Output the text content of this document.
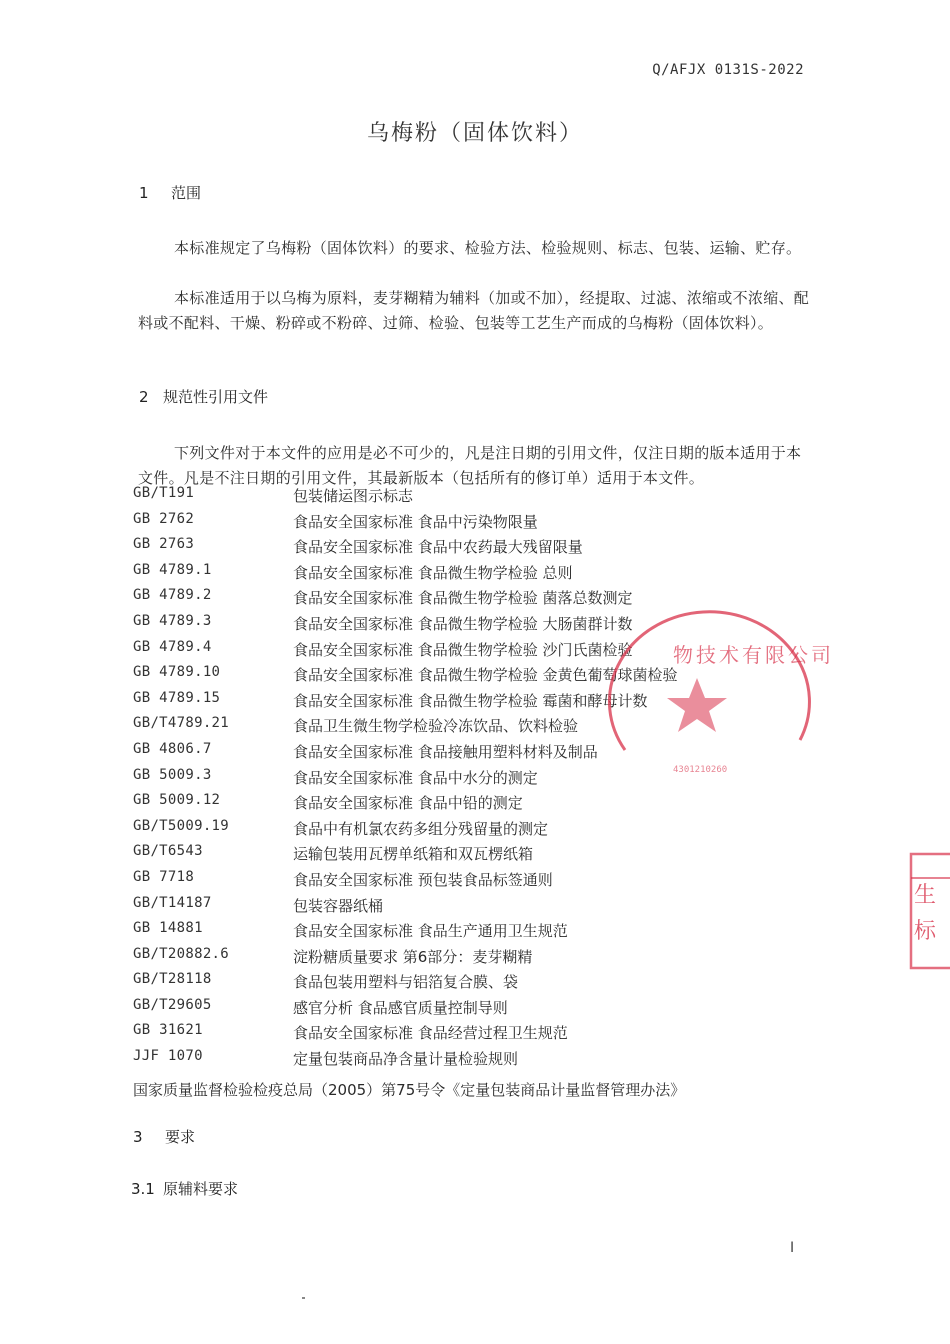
Q/AFJX 0131S-2022
乌梅粉（固体饮料）
1 范围
本标准规定了乌梅粉（固体饮料）的要求、检验方法、检验规则、标志、包装、运输、贮存。
本标准适用于以乌梅为原料，麦芽糊精为辅料（加或不加），经提取、过滤、浓缩或不浓缩、配料或不配料、干燥、粉碎或不粉碎、过筛、检验、包装等工艺生产而成的乌梅粉（固体饮料）。
2 规范性引用文件
下列文件对于本文件的应用是必不可少的，凡是注日期的引用文件，仅注日期的版本适用于本文件。凡是不注日期的引用文件，其最新版本（包括所有的修订单）适用于本文件。
GB/T191	包装储运图示标志
GB 2762	食品安全国家标准 食品中污染物限量
GB 2763	食品安全国家标准 食品中农药最大残留限量
GB 4789.1	食品安全国家标准 食品微生物学检验 总则
GB 4789.2	食品安全国家标准 食品微生物学检验 菌落总数测定
GB 4789.3	食品安全国家标准 食品微生物学检验 大肠菌群计数
GB 4789.4	食品安全国家标准 食品微生物学检验 沙门氏菌检验
GB 4789.10	食品安全国家标准 食品微生物学检验 金黄色葡萄球菌检验
GB 4789.15	食品安全国家标准 食品微生物学检验 霉菌和酵母计数
GB/T4789.21	食品卫生微生物学检验冷冻饮品、饮料检验
GB 4806.7	食品安全国家标准 食品接触用塑料材料及制品
GB 5009.3	食品安全国家标准 食品中水分的测定
GB 5009.12	食品安全国家标准 食品中铅的测定
GB/T5009.19	食品中有机氯农药多组分残留量的测定
GB/T6543	运输包装用瓦楞单纸箱和双瓦楞纸箱
GB 7718	食品安全国家标准 预包装食品标签通则
GB/T14187	包装容器纸桶
GB 14881	食品安全国家标准 食品生产通用卫生规范
GB/T20882.6	淀粉糖质量要求 第6部分：麦芽糊精
GB/T28118	食品包装用塑料与铝箔复合膜、袋
GB/T29605	感官分析 食品感官质量控制导则
GB 31621	食品安全国家标准 食品经营过程卫生规范
JJF 1070	定量包装商品净含量计量检验规则
国家质量监督检验检疫总局（2005）第75号令《定量包装商品计量监督管理办法》
3 要求
3.1 原辅料要求
I
物技术有限公司
4301210260
生
标
